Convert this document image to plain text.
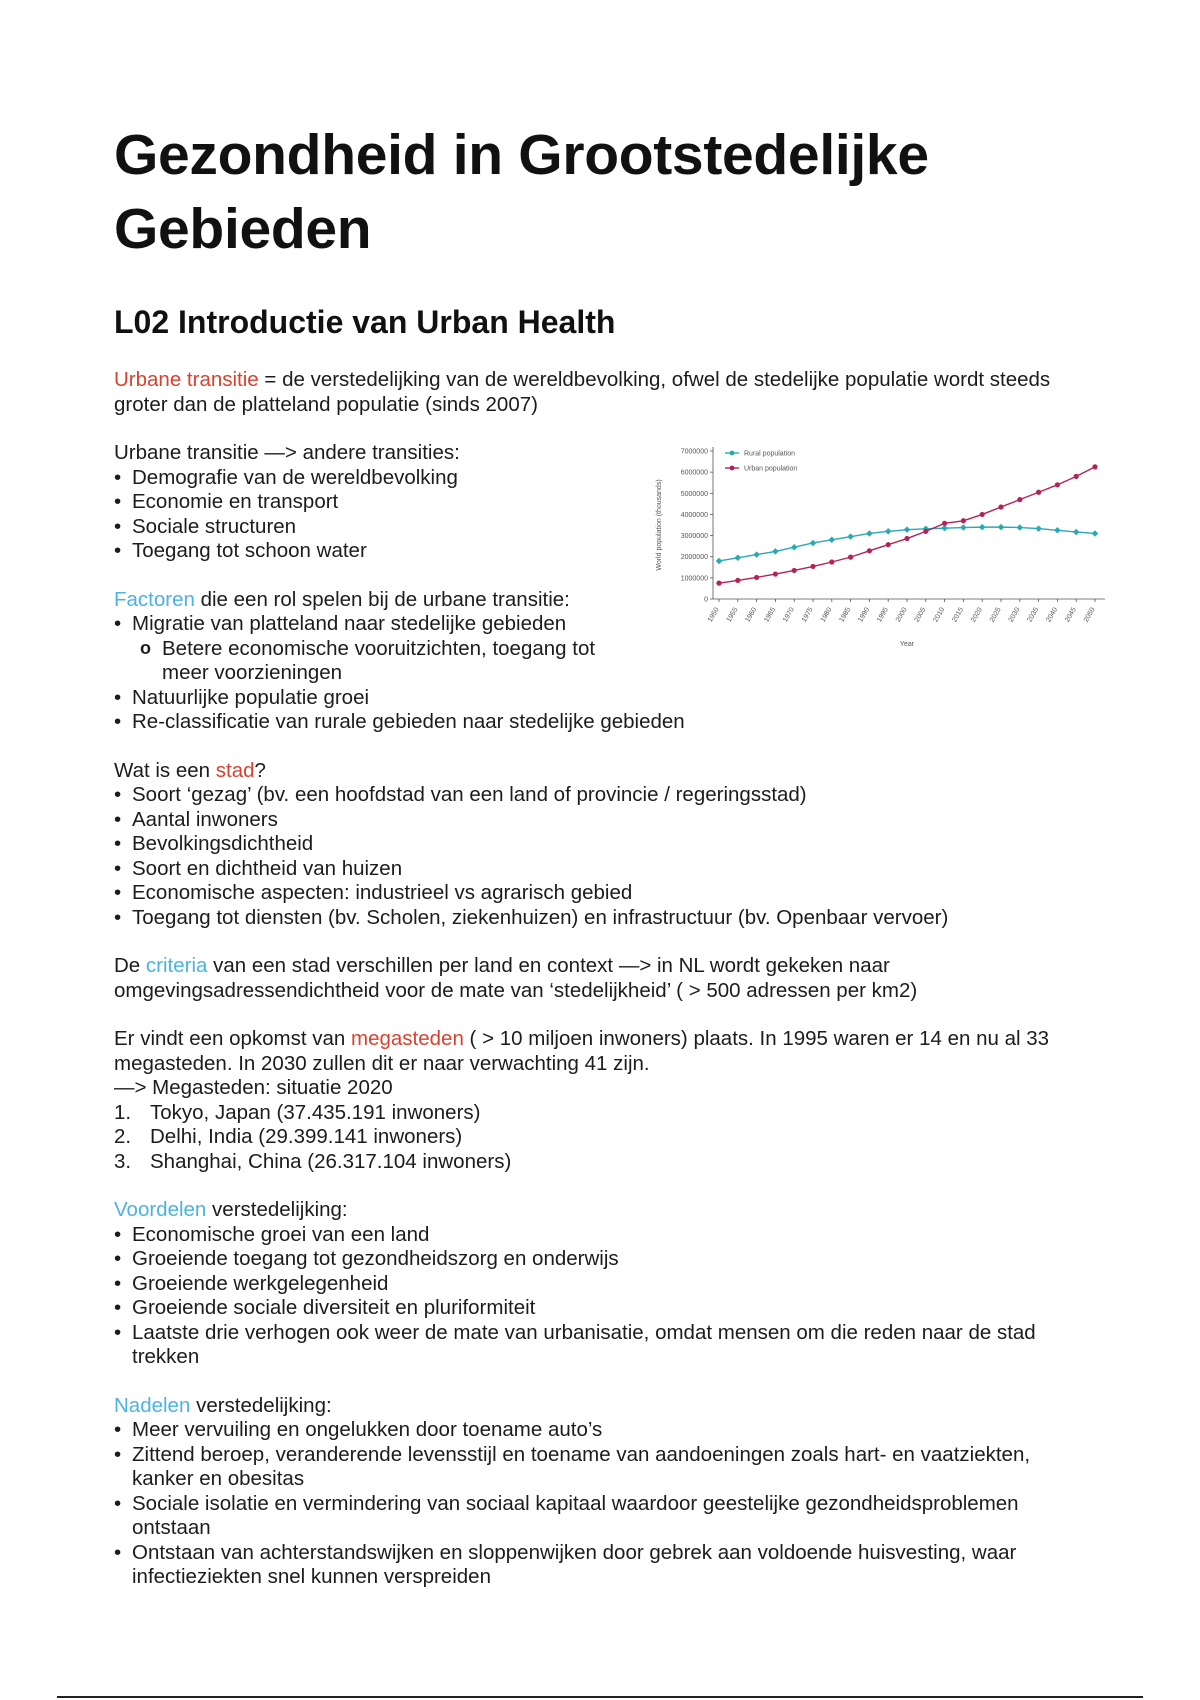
Gezondheid in Grootstedelijke Gebieden
L02 Introductie van Urban Health

Urbane transitie = de verstedelijking van de wereldbevolking, ofwel de stedelijke populatie wordt steeds groter dan de platteland populatie (sinds 2007)

0
1000000
2000000
3000000
4000000
5000000
6000000
7000000
1950 1955 1960 1965 1970 1975 1980 1985 1990 1995 2000 2005 2010 2015 2020 2025 2030 2035 2040 2045 2050
Year
World population (thousands)
Rural population
Urban population

Urbane transitie —> andere transities:

• Demografie van de wereldbevolking
• Economie en transport
• Sociale structuren
• Toegang tot schoon water

Factoren die een rol spelen bij de urbane transitie:

• Migratie van platteland naar stedelijke gebieden
o Betere economische vooruitzichten, toegang tot meer voorzieningen
• Natuurlijke populatie groei
• Re-classificatie van rurale gebieden naar stedelijke gebieden

Wat is een stad?

• Soort ‘gezag’ (bv. een hoofdstad van een land of provincie / regeringsstad)
• Aantal inwoners
• Bevolkingsdichtheid
• Soort en dichtheid van huizen
• Economische aspecten: industrieel vs agrarisch gebied
• Toegang tot diensten (bv. Scholen, ziekenhuizen) en infrastructuur (bv. Openbaar vervoer)

De criteria van een stad verschillen per land en context —> in NL wordt gekeken naar omgevingsadressendichtheid voor de mate van ‘stedelijkheid’ ( > 500 adressen per km2)

Er vindt een opkomst van megasteden ( > 10 miljoen inwoners) plaats. In 1995 waren er 14 en nu al 33 megasteden. In 2030 zullen dit er naar verwachting 41 zijn.

—> Megasteden: situatie 2020

1. Tokyo, Japan (37.435.191 inwoners)
2. Delhi, India (29.399.141 inwoners)
3. Shanghai, China (26.317.104 inwoners)

Voordelen verstedelijking:

• Economische groei van een land
• Groeiende toegang tot gezondheidszorg en onderwijs
• Groeiende werkgelegenheid
• Groeiende sociale diversiteit en pluriformiteit
• Laatste drie verhogen ook weer de mate van urbanisatie, omdat mensen om die reden naar de stad trekken

Nadelen verstedelijking:

• Meer vervuiling en ongelukken door toename auto’s
• Zittend beroep, veranderende levensstijl en toename van aandoeningen zoals hart- en vaatziekten, kanker en obesitas
• Sociale isolatie en vermindering van sociaal kapitaal waardoor geestelijke gezondheidsproblemen ontstaan
• Ontstaan van achterstandswijken en sloppenwijken door gebrek aan voldoende huisvesting, waar infectieziekten snel kunnen verspreiden
